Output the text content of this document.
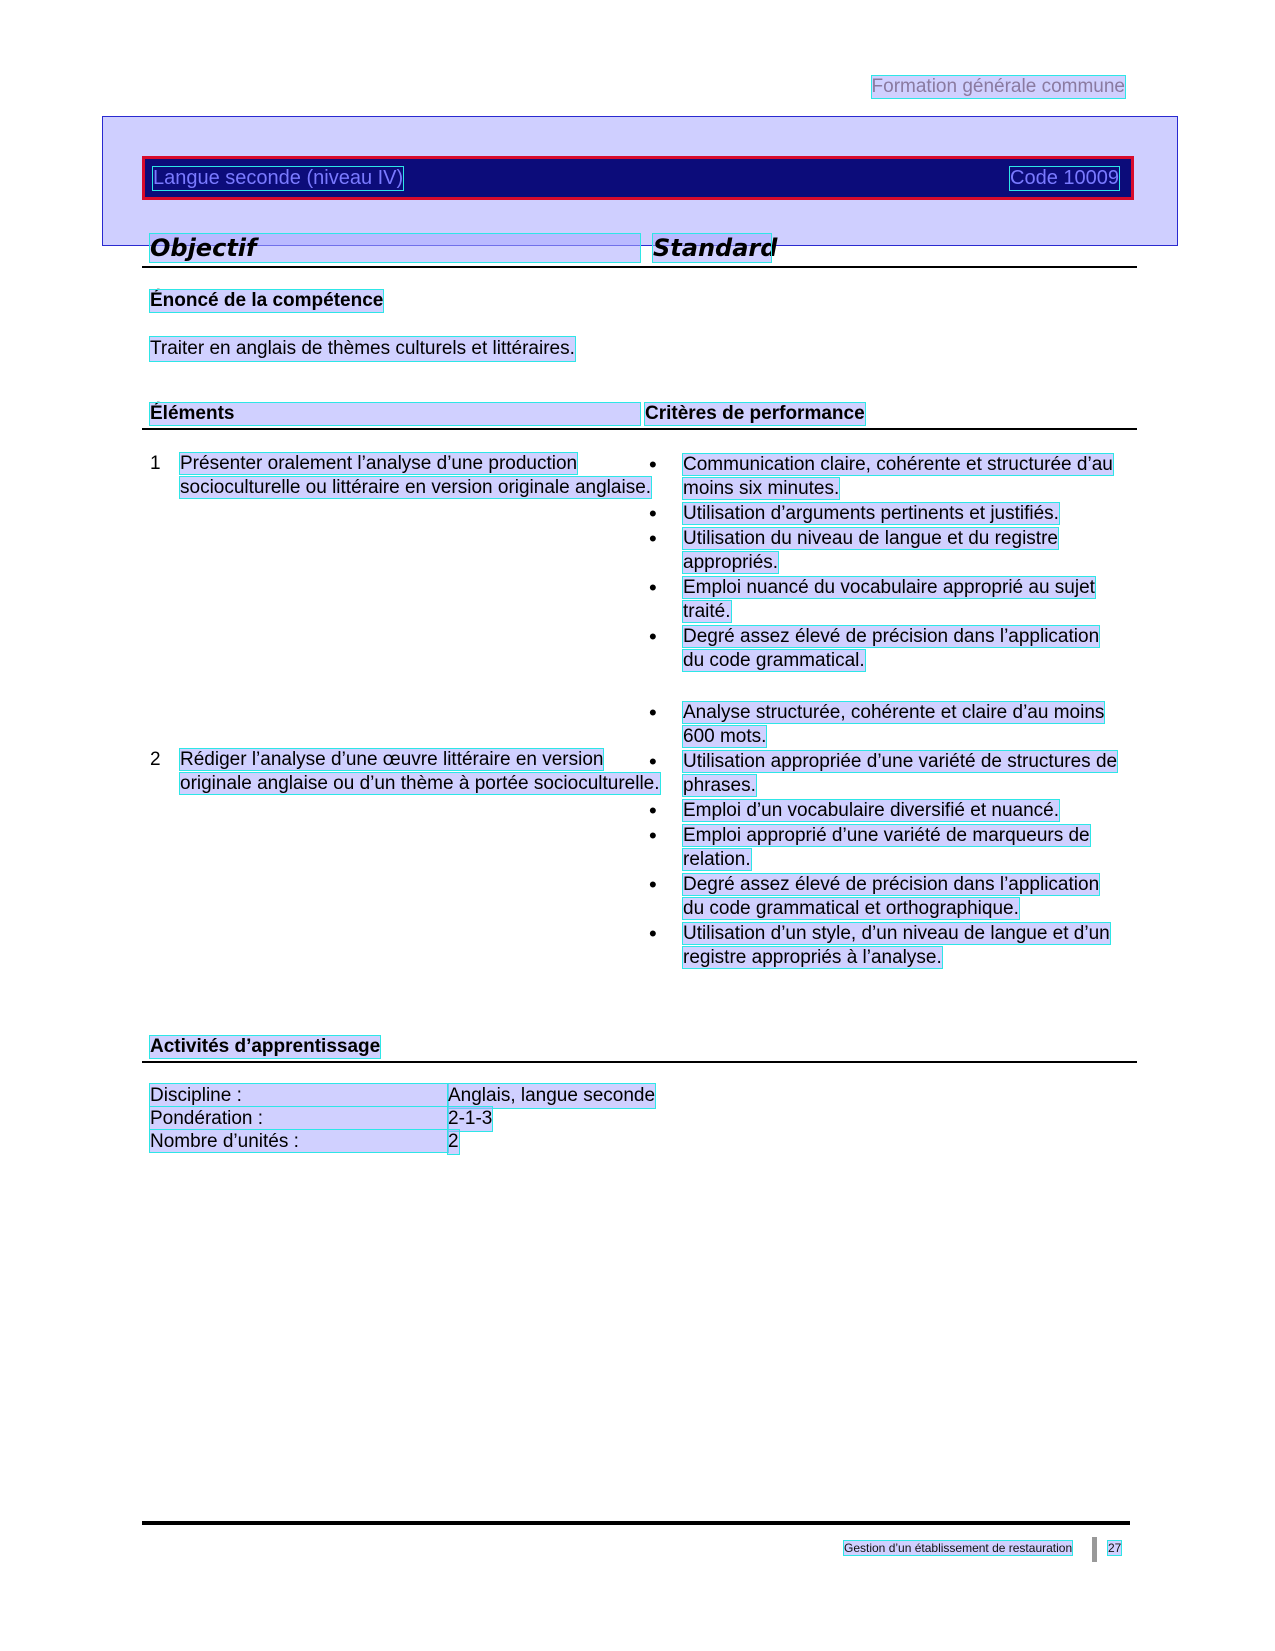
Formation générale commune
Langue seconde (niveau IV)	Code 10009
Objectif	Standard
Énoncé de la compétence
Traiter en anglais de thèmes culturels et littéraires.
Éléments	Critères de performance
1 Présenter oralement l’analyse d’une production socioculturelle ou littéraire en version originale anglaise.
• Communication claire, cohérente et structurée d’au moins six minutes.
• Utilisation d’arguments pertinents et justifiés.
• Utilisation du niveau de langue et du registre appropriés.
• Emploi nuancé du vocabulaire approprié au sujet traité.
• Degré assez élevé de précision dans l’application du code grammatical.
2 Rédiger l’analyse d’une œuvre littéraire en version originale anglaise ou d’un thème à portée socioculturelle.
• Analyse structurée, cohérente et claire d’au moins 600 mots.
• Utilisation appropriée d’une variété de structures de phrases.
• Emploi d’un vocabulaire diversifié et nuancé.
• Emploi approprié d’une variété de marqueurs de relation.
• Degré assez élevé de précision dans l’application du code grammatical et orthographique.
• Utilisation d’un style, d’un niveau de langue et d’un registre appropriés à l’analyse.
Activités d’apprentissage
Discipline :	Anglais, langue seconde
Pondération :	2-1-3
Nombre d’unités :	2
Gestion d’un établissement de restauration	27
